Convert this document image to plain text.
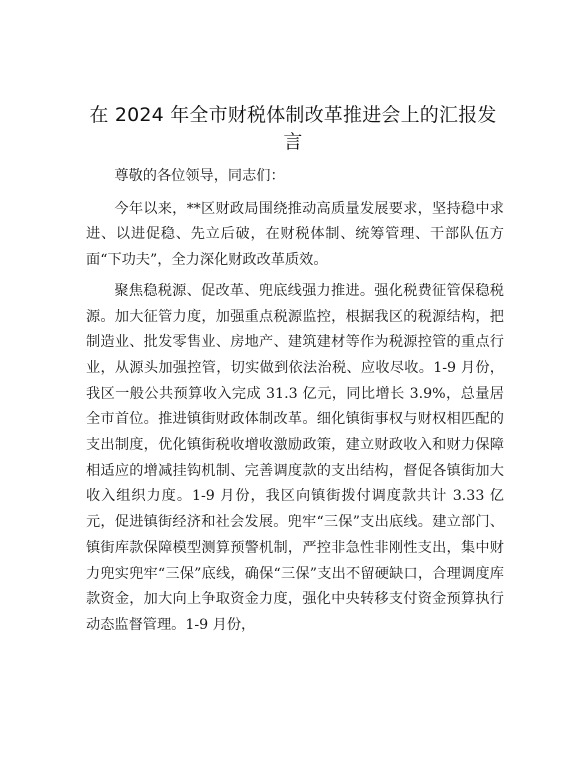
在 2024 年全市财税体制改革推进会上的汇报发言

尊敬的各位领导，同志们：

今年以来，**区财政局围绕推动高质量发展要求，坚持稳中求进、以进促稳、先立后破，在财税体制、统筹管理、干部队伍方面“下功夫”，全力深化财政改革质效。

聚焦稳税源、促改革、兜底线强力推进。强化税费征管保稳税源。加大征管力度，加强重点税源监控，根据我区的税源结构，把制造业、批发零售业、房地产、建筑建材等作为税源控管的重点行业，从源头加强控管，切实做到依法治税、应收尽收。1-9 月份，我区一般公共预算收入完成 31.3 亿元，同比增长 3.9%，总量居全市首位。推进镇街财政体制改革。细化镇街事权与财权相匹配的支出制度，优化镇街税收增收激励政策，建立财政收入和财力保障相适应的增减挂钩机制、完善调度款的支出结构，督促各镇街加大收入组织力度。1-9 月份，我区向镇街拨付调度款共计 3.33 亿元，促进镇街经济和社会发展。兜牢“三保”支出底线。建立部门、镇街库款保障模型测算预警机制，严控非急性非刚性支出，集中财力兜实兜牢“三保”底线，确保“三保”支出不留硬缺口，合理调度库款资金，加大向上争取资金力度，强化中央转移支付资金预算执行动态监督管理。1-9 月份，
